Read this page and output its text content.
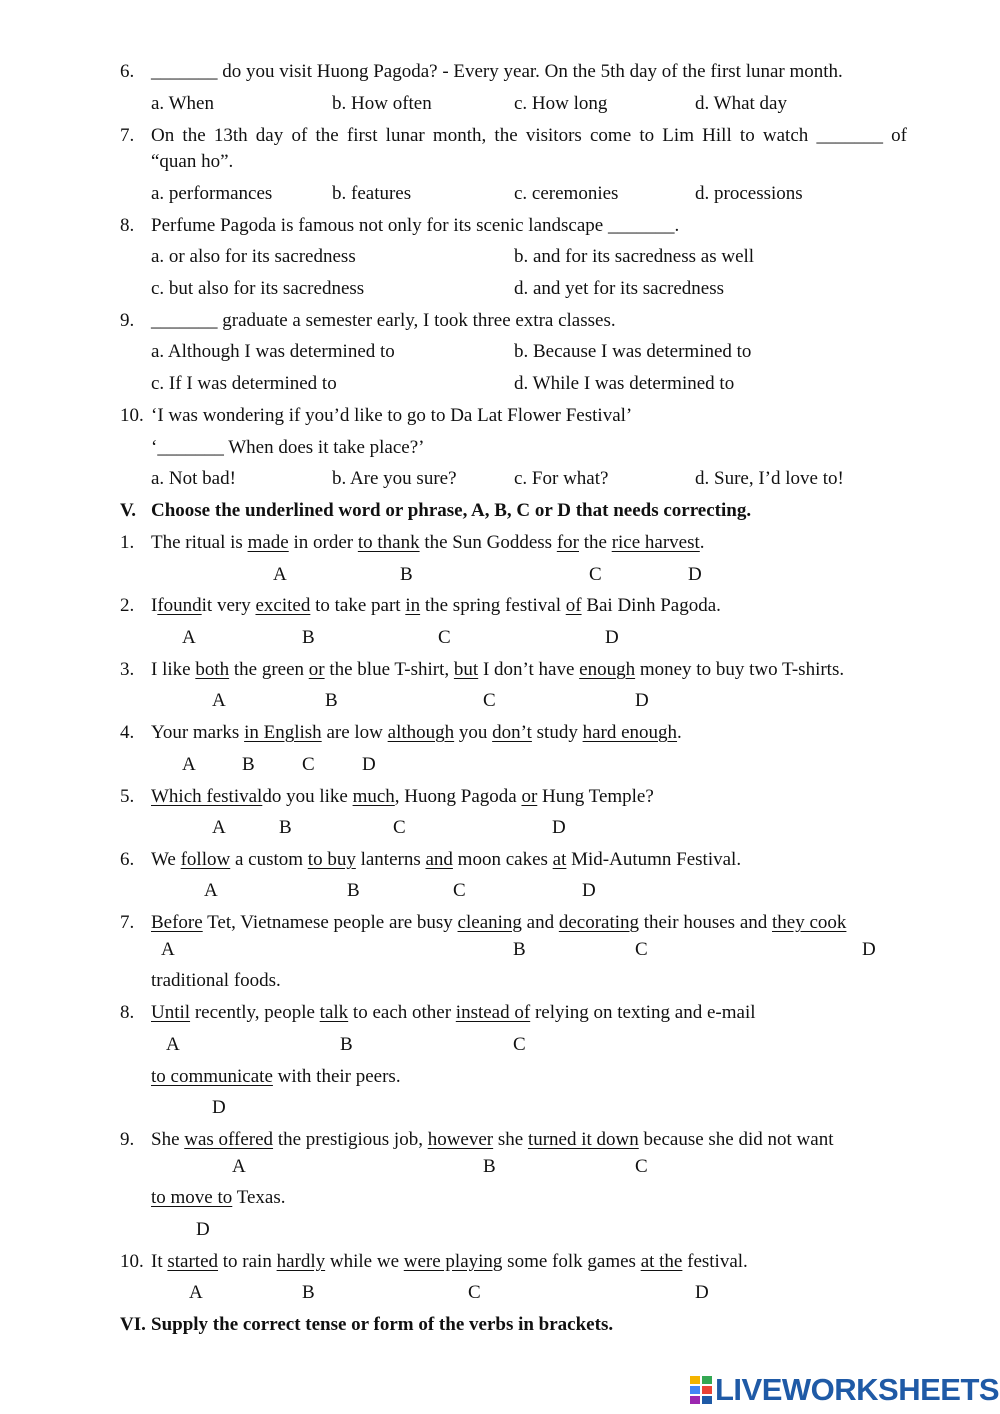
6. _______ do you visit Huong Pagoda? - Every year. On the 5th day of the first lunar month.
a. When	b. How often	c. How long	d. What day
7. On the 13th day of the first lunar month, the visitors come to Lim Hill to watch _______ of
“quan ho”.
a. performances	b. features	c. ceremonies	d. processions
8. Perfume Pagoda is famous not only for its scenic landscape _______.
a. or also for its sacredness	b. and for its sacredness as well
c. but also for its sacredness	d. and yet for its sacredness
9. _______ graduate a semester early, I took three extra classes.
a. Although I was determined to	b. Because I was determined to
c. If I was determined to	d. While I was determined to
10. ‘I was wondering if you’d like to go to Da Lat Flower Festival’
‘_______ When does it take place?’
a. Not bad!	b. Are you sure?	c. For what?	d. Sure, I’d love to!
V. Choose the underlined word or phrase, A, B, C or D that needs correcting.
1. The ritual is made in order to thank the Sun Goddess for the rice harvest.
A	B	C	D
2. Ifoundit very excited to take part in the spring festival of Bai Dinh Pagoda.
A	B	C	D
3. I like both the green or the blue T-shirt, but I don’t have enough money to buy two T-shirts.
A	B	C	D
4. Your marks in English are low although you don’t study hard enough.
A B C D
5. Which festivaldo you like much, Huong Pagoda or Hung Temple?
A	B	C	D
6. We follow a custom to buy lanterns and moon cakes at Mid-Autumn Festival.
A	B	C	D
7. Before Tet, Vietnamese people are busy cleaning and decorating their houses and they cook
A	B	C	D
traditional foods.
8. Until recently, people talk to each other instead of relying on texting and e-mail
A	B	C
to communicate with their peers.
D
9. She was offered the prestigious job, however she turned it down because she did not want
A	B	C
to move to Texas.
D
10. It started to rain hardly while we were playing some folk games at the festival.
A	B	C	D
VI. Supply the correct tense or form of the verbs in brackets.
LIVEWORKSHEETS
